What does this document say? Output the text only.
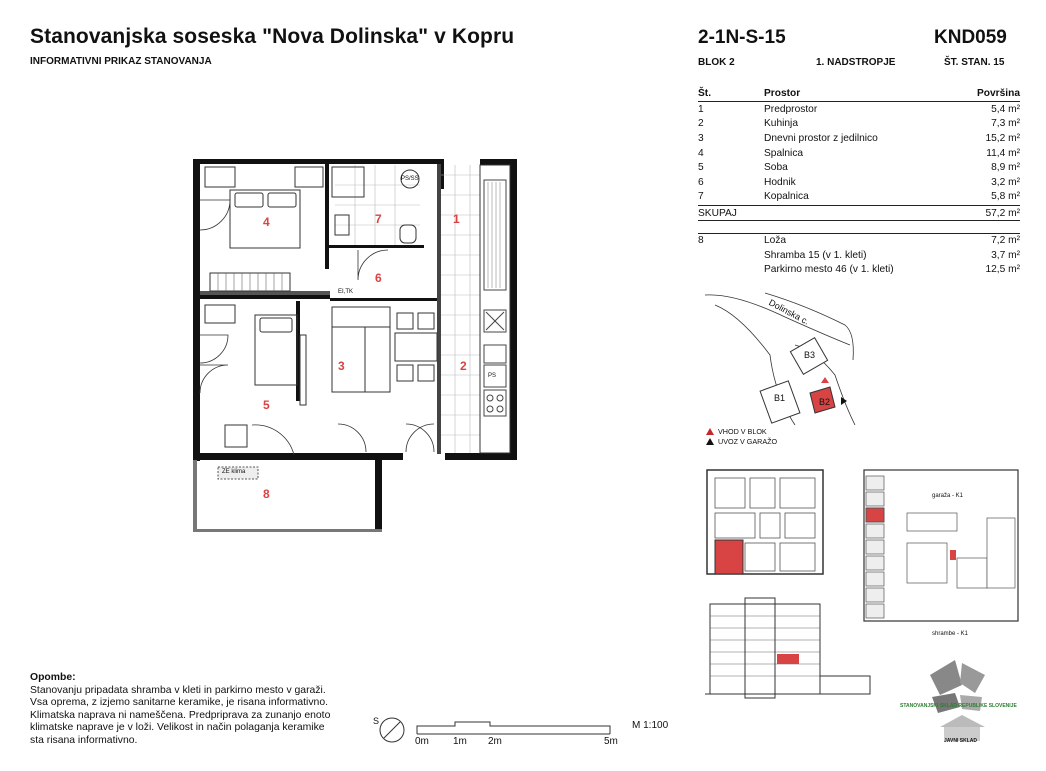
Stanovanjska soseska "Nova Dolinska" v Kopru
INFORMATIVNI PRIKAZ STANOVANJA
2-1N-S-15	KND059
BLOK 2	1. NADSTROPJE	ŠT. STAN. 15
Št.	Prostor	Površina
1	Predprostor	5,4 m²
2	Kuhinja	7,3 m²
3	Dnevni prostor z jedilnico	15,2 m²
4	Spalnica	11,4 m²
5	Soba	8,9 m²
6	Hodnik	3,2 m²
7	Kopalnica	5,8 m²
SKUPAJ	57,2 m²
8	Loža	7,2 m²
Shramba 15 (v 1. kleti)	3,7 m²
Parkirno mesto 46 (v 1. kleti)	12,5 m²
1
2
3
4
5
6
7
8
PS/SS
PS
EI,TK
ZE klima
Dolinska c.
B3
B1	B2
VHOD V BLOK
UVOZ V GARAŽO
garaža - K1
shrambe - K1
Opombe:
Stanovanju pripadata shramba v kleti in parkirno mesto v garaži.
Vsa oprema, z izjemo sanitarne keramike, je risana informativno.
Klimatska naprava ni nameščena. Predpriprava za zunanjo enoto
klimatske naprave je v loži. Velikost in način polaganja keramike
sta risana informativno.
S
0m 1m 2m	5m
M 1:100
STANOVANJSKI SKLAD REPUBLIKE SLOVENIJE
JAVNI SKLAD
